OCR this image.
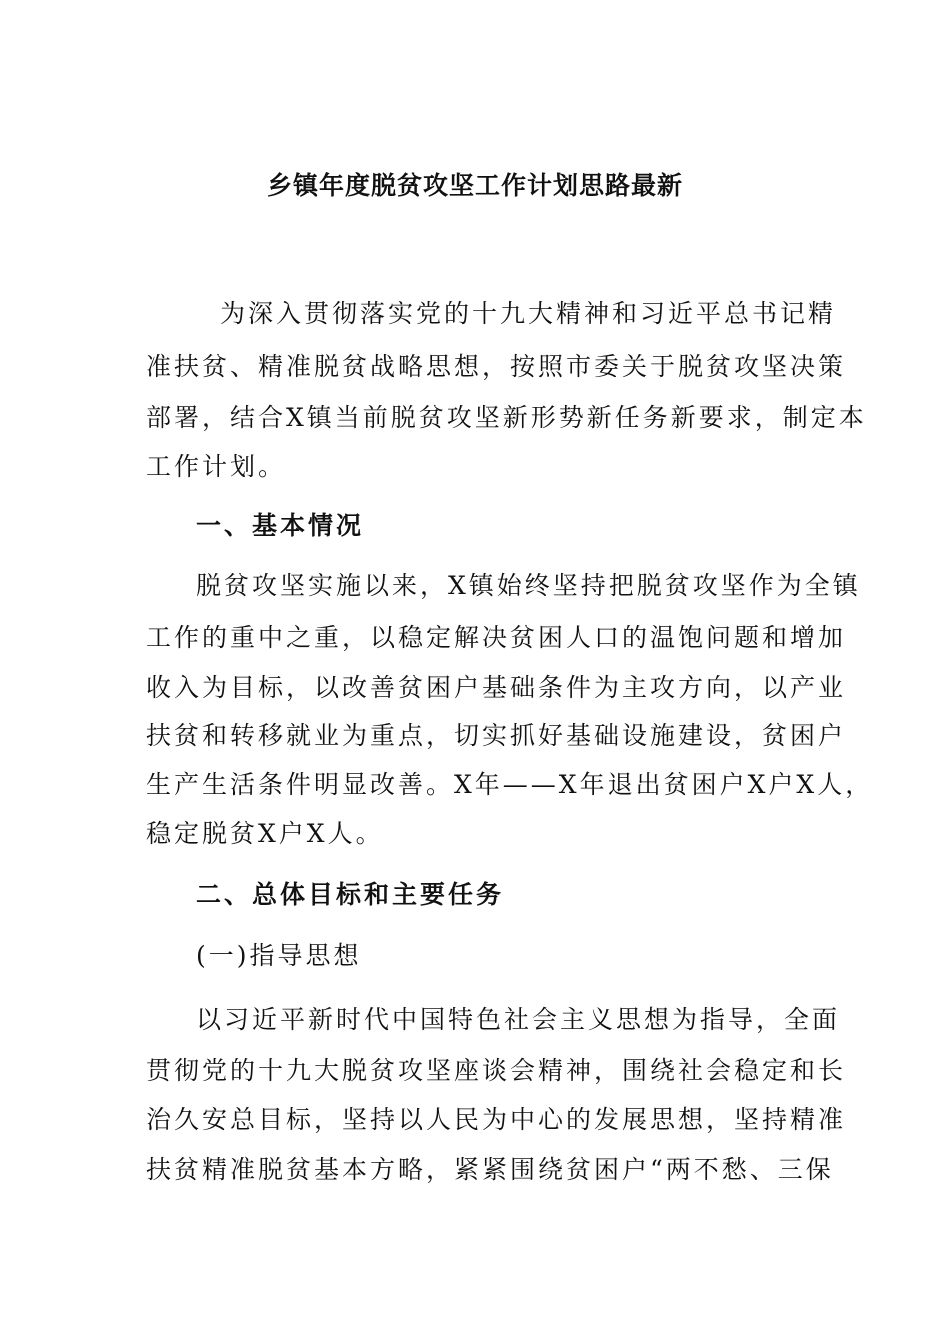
乡镇年度脱贫攻坚工作计划思路最新
为深入贯彻落实党的十九大精神和习近平总书记精
准扶贫、精准脱贫战略思想，按照市委关于脱贫攻坚决策
部署，结合X镇当前脱贫攻坚新形势新任务新要求，制定本
工作计划。
一、基本情况
脱贫攻坚实施以来，X镇始终坚持把脱贫攻坚作为全镇
工作的重中之重，以稳定解决贫困人口的温饱问题和增加
收入为目标，以改善贫困户基础条件为主攻方向，以产业
扶贫和转移就业为重点，切实抓好基础设施建设，贫困户
生产生活条件明显改善。X年——X年退出贫困户X户X人，
稳定脱贫X户X人。
二、总体目标和主要任务
(一)指导思想
以习近平新时代中国特色社会主义思想为指导，全面
贯彻党的十九大脱贫攻坚座谈会精神，围绕社会稳定和长
治久安总目标，坚持以人民为中心的发展思想，坚持精准
扶贫精准脱贫基本方略，紧紧围绕贫困户“两不愁、三保
